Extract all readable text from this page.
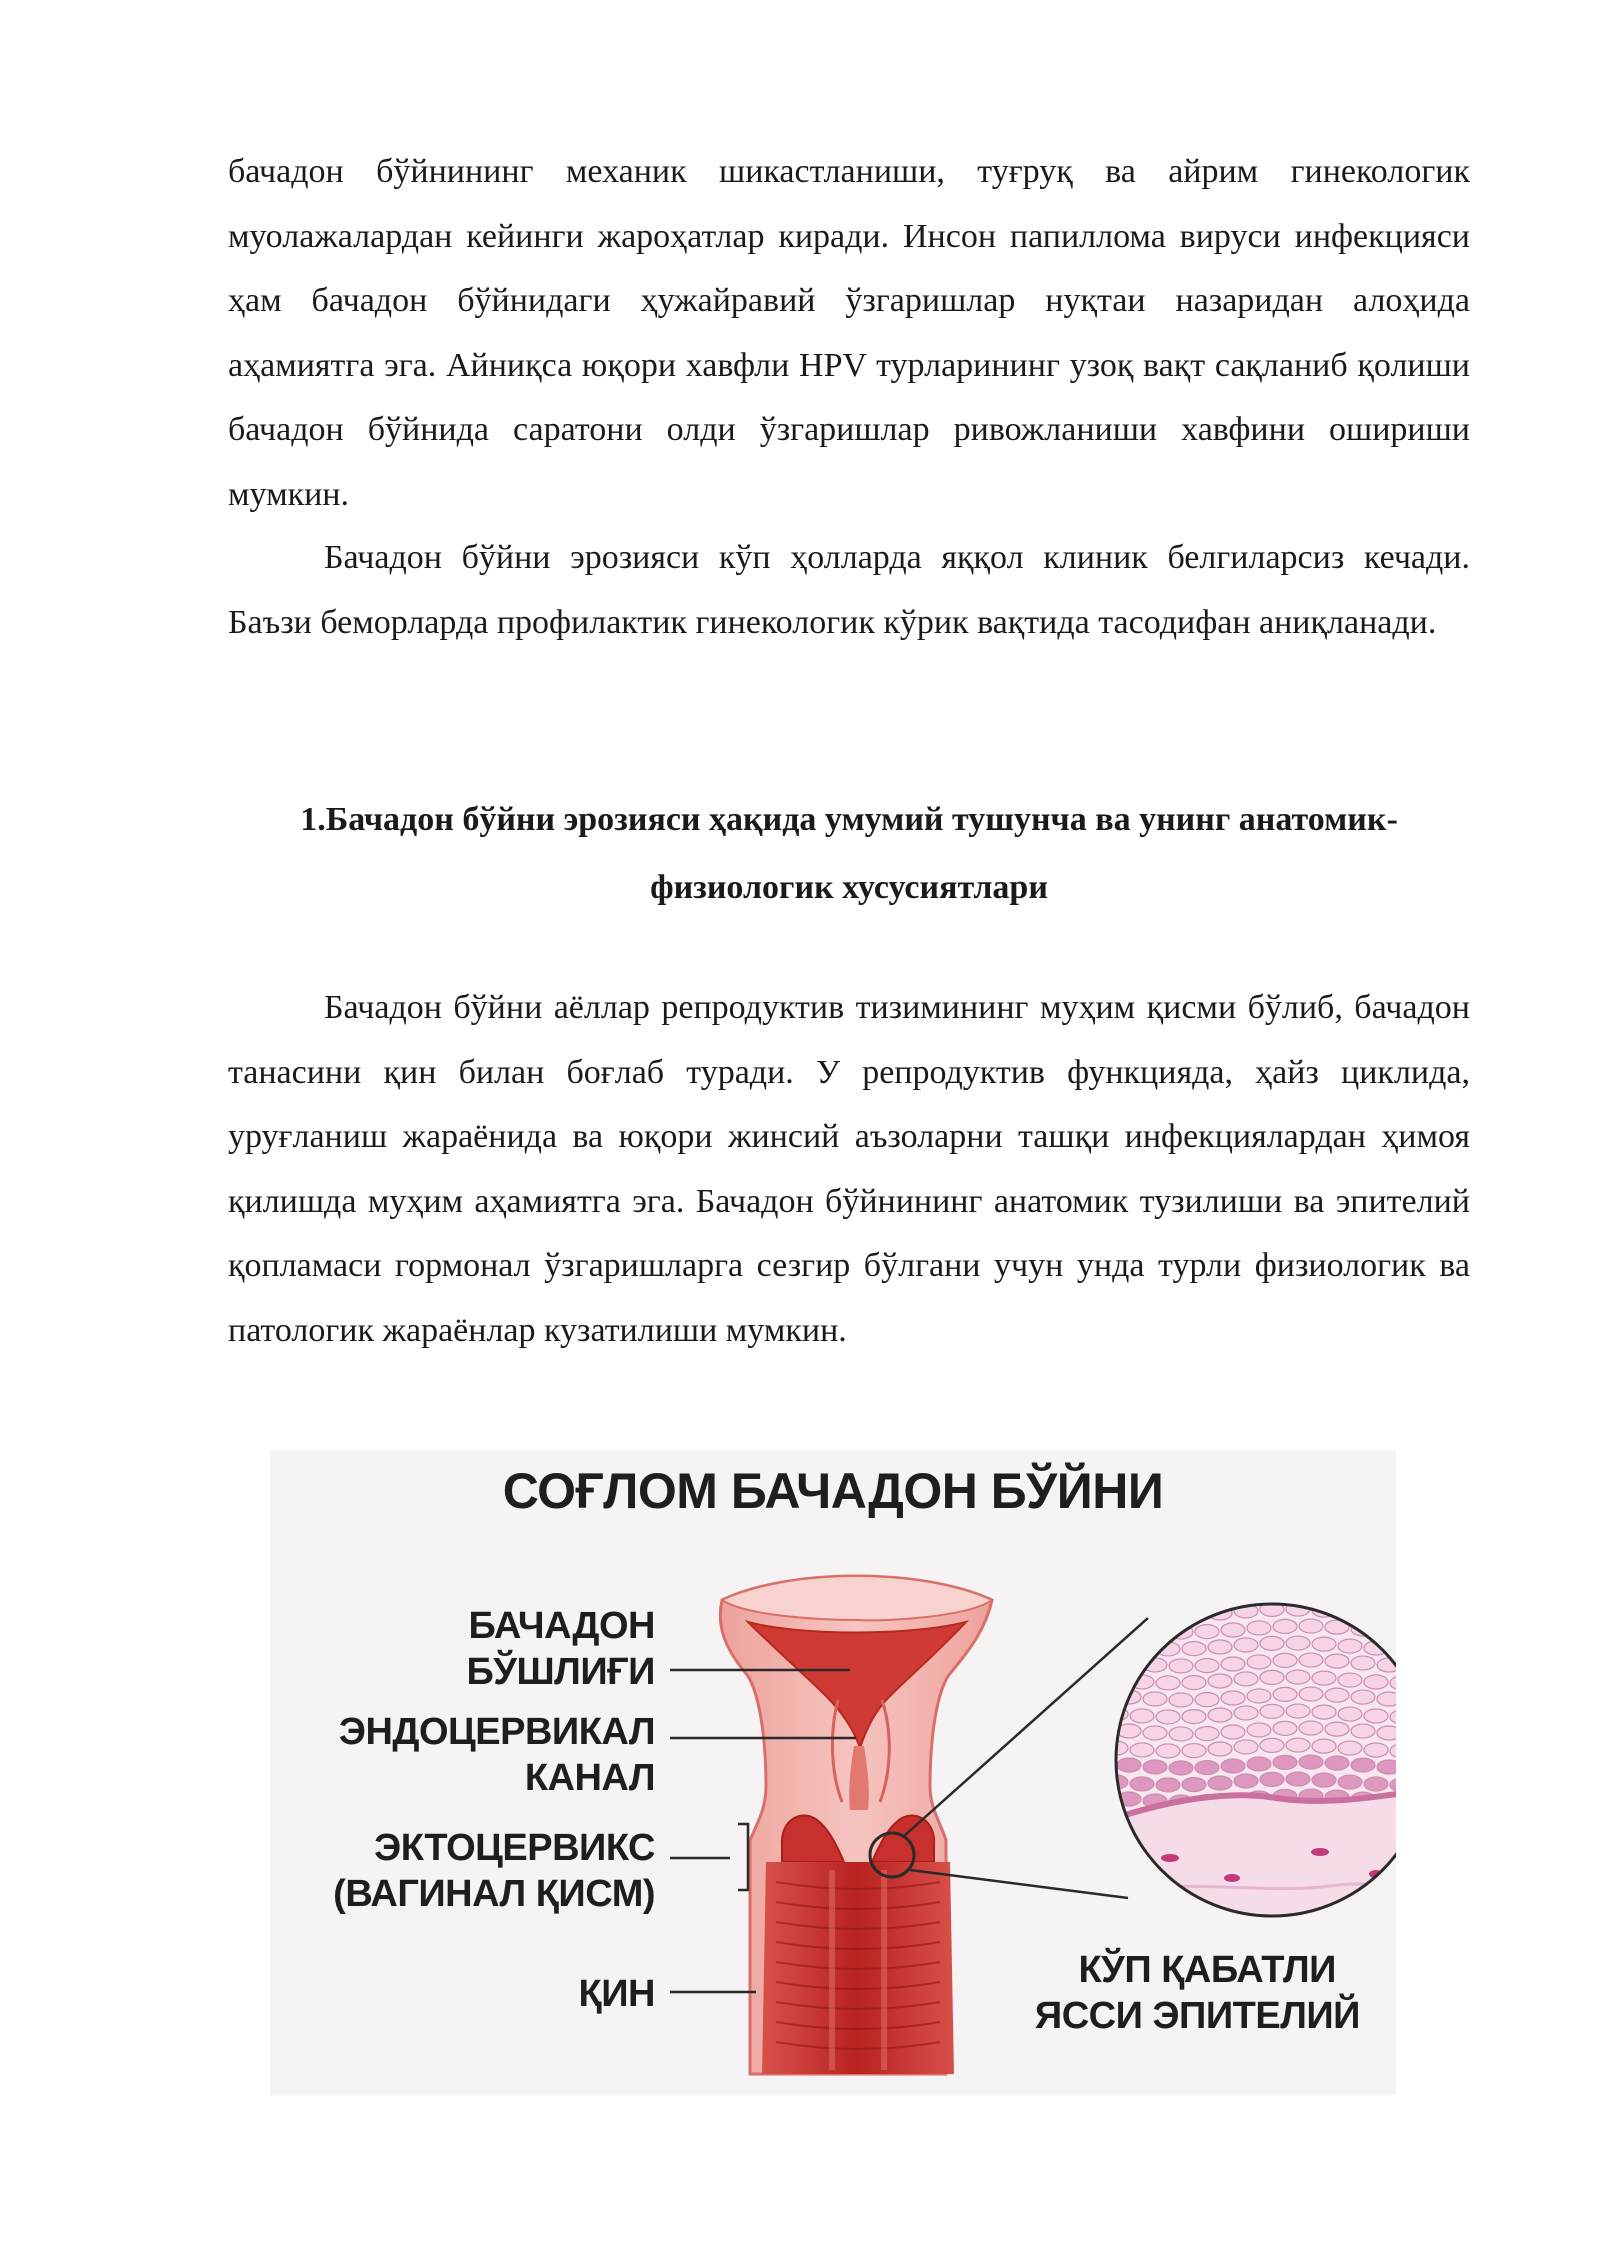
бачадон бўйнининг механик шикастланиши, туғруқ ва айрим гинекологик муолажалардан кейинги жароҳатлар киради. Инсон папиллома вируси инфекцияси ҳам бачадон бўйнидаги ҳужайравий ўзгаришлар нуқтаи назаридан алоҳида аҳамиятга эга. Айниқса юқори хавфли HPV турларининг узоқ вақт сақланиб қолиши бачадон бўйнида саратони олди ўзгаришлар ривожланиши хавфини ошириши мумкин.

Бачадон бўйни эрозияси кўп ҳолларда яққол клиник белгиларсиз кечади. Баъзи беморларда профилактик гинекологик кўрик вақтида тасодифан аниқланади.

1.Бачадон бўйни эрозияси ҳақида умумий тушунча ва унинг анатомик-
физиологик хусусиятлари

Бачадон бўйни аёллар репродуктив тизимининг муҳим қисми бўлиб, бачадон танасини қин билан боғлаб туради. У репродуктив функцияда, ҳайз циклида, уруғланиш жараёнида ва юқори жинсий аъзоларни ташқи инфекциялардан ҳимоя қилишда муҳим аҳамиятга эга. Бачадон бўйнининг анатомик тузилиши ва эпителий қопламаси гормонал ўзгаришларга сезгир бўлгани учун унда турли физиологик ва патологик жараёнлар кузатилиши мумкин.

СОҒЛОМ БАЧАДОН БЎЙНИ
БАЧАДОН
БЎШЛИҒИ
ЭНДОЦЕРВИКАЛ
КАНАЛ
ЭКТОЦЕРВИКС
(ВАГИНАЛ ҚИСМ)
ҚИН
КЎП ҚАБАТЛИ
ЯССИ ЭПИТЕЛИЙ
